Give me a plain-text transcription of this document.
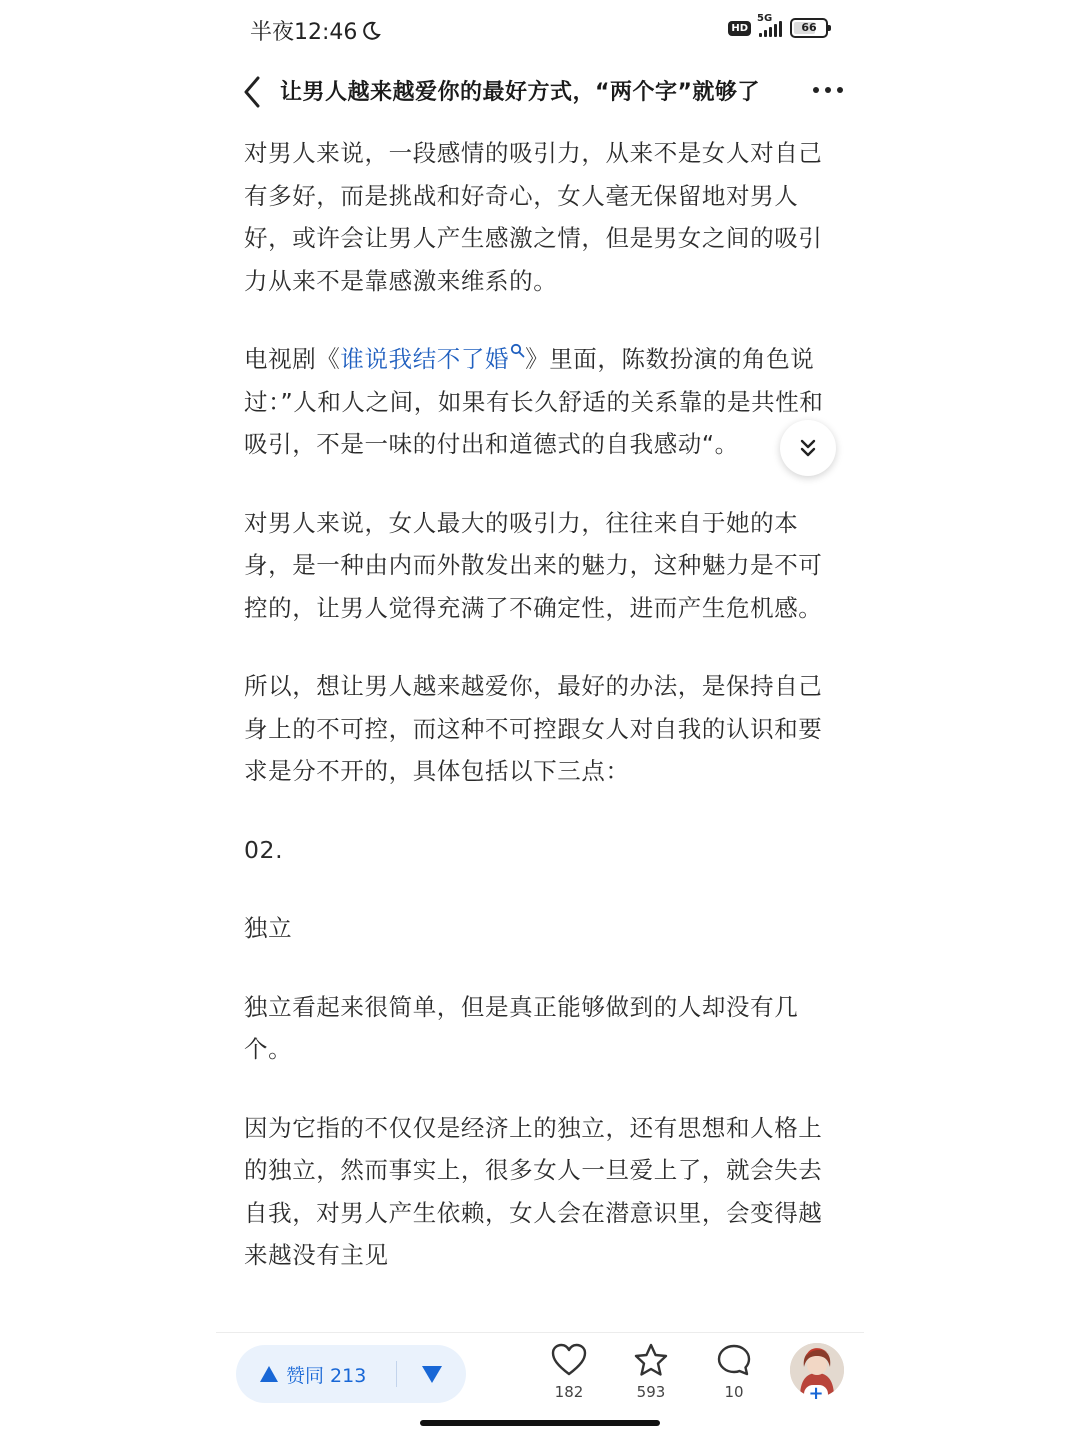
半夜12:46	HD
5G
66
让男人越来越爱你的最好方式，“两个字”就够了

对男人来说，一段感情的吸引力，从来不是女人对自己有多好，而是挑战和好奇心，女人毫无保留地对男人好，或许会让男人产生感激之情，但是男女之间的吸引力从来不是靠感激来维系的。

电视剧《谁说我结不了婚 》里面，陈数扮演的角色说过：”人和人之间，如果有长久舒适的关系靠的是共性和吸引，不是一味的付出和道德式的自我感动“。

对男人来说，女人最大的吸引力，往往来自于她的本身，是一种由内而外散发出来的魅力，这种魅力是不可控的，让男人觉得充满了不确定性，进而产生危机感。

所以，想让男人越来越爱你，最好的办法，是保持自己身上的不可控，而这种不可控跟女人对自我的认识和要求是分不开的，具体包括以下三点：

02.

独立

独立看起来很简单，但是真正能够做到的人却没有几个。

因为它指的不仅仅是经济上的独立，还有思想和人格上的独立，然而事实上，很多女人一旦爱上了，就会失去自我，对男人产生依赖，女人会在潜意识里，会变得越来越没有主见

赞同 213
182	593	10	+
